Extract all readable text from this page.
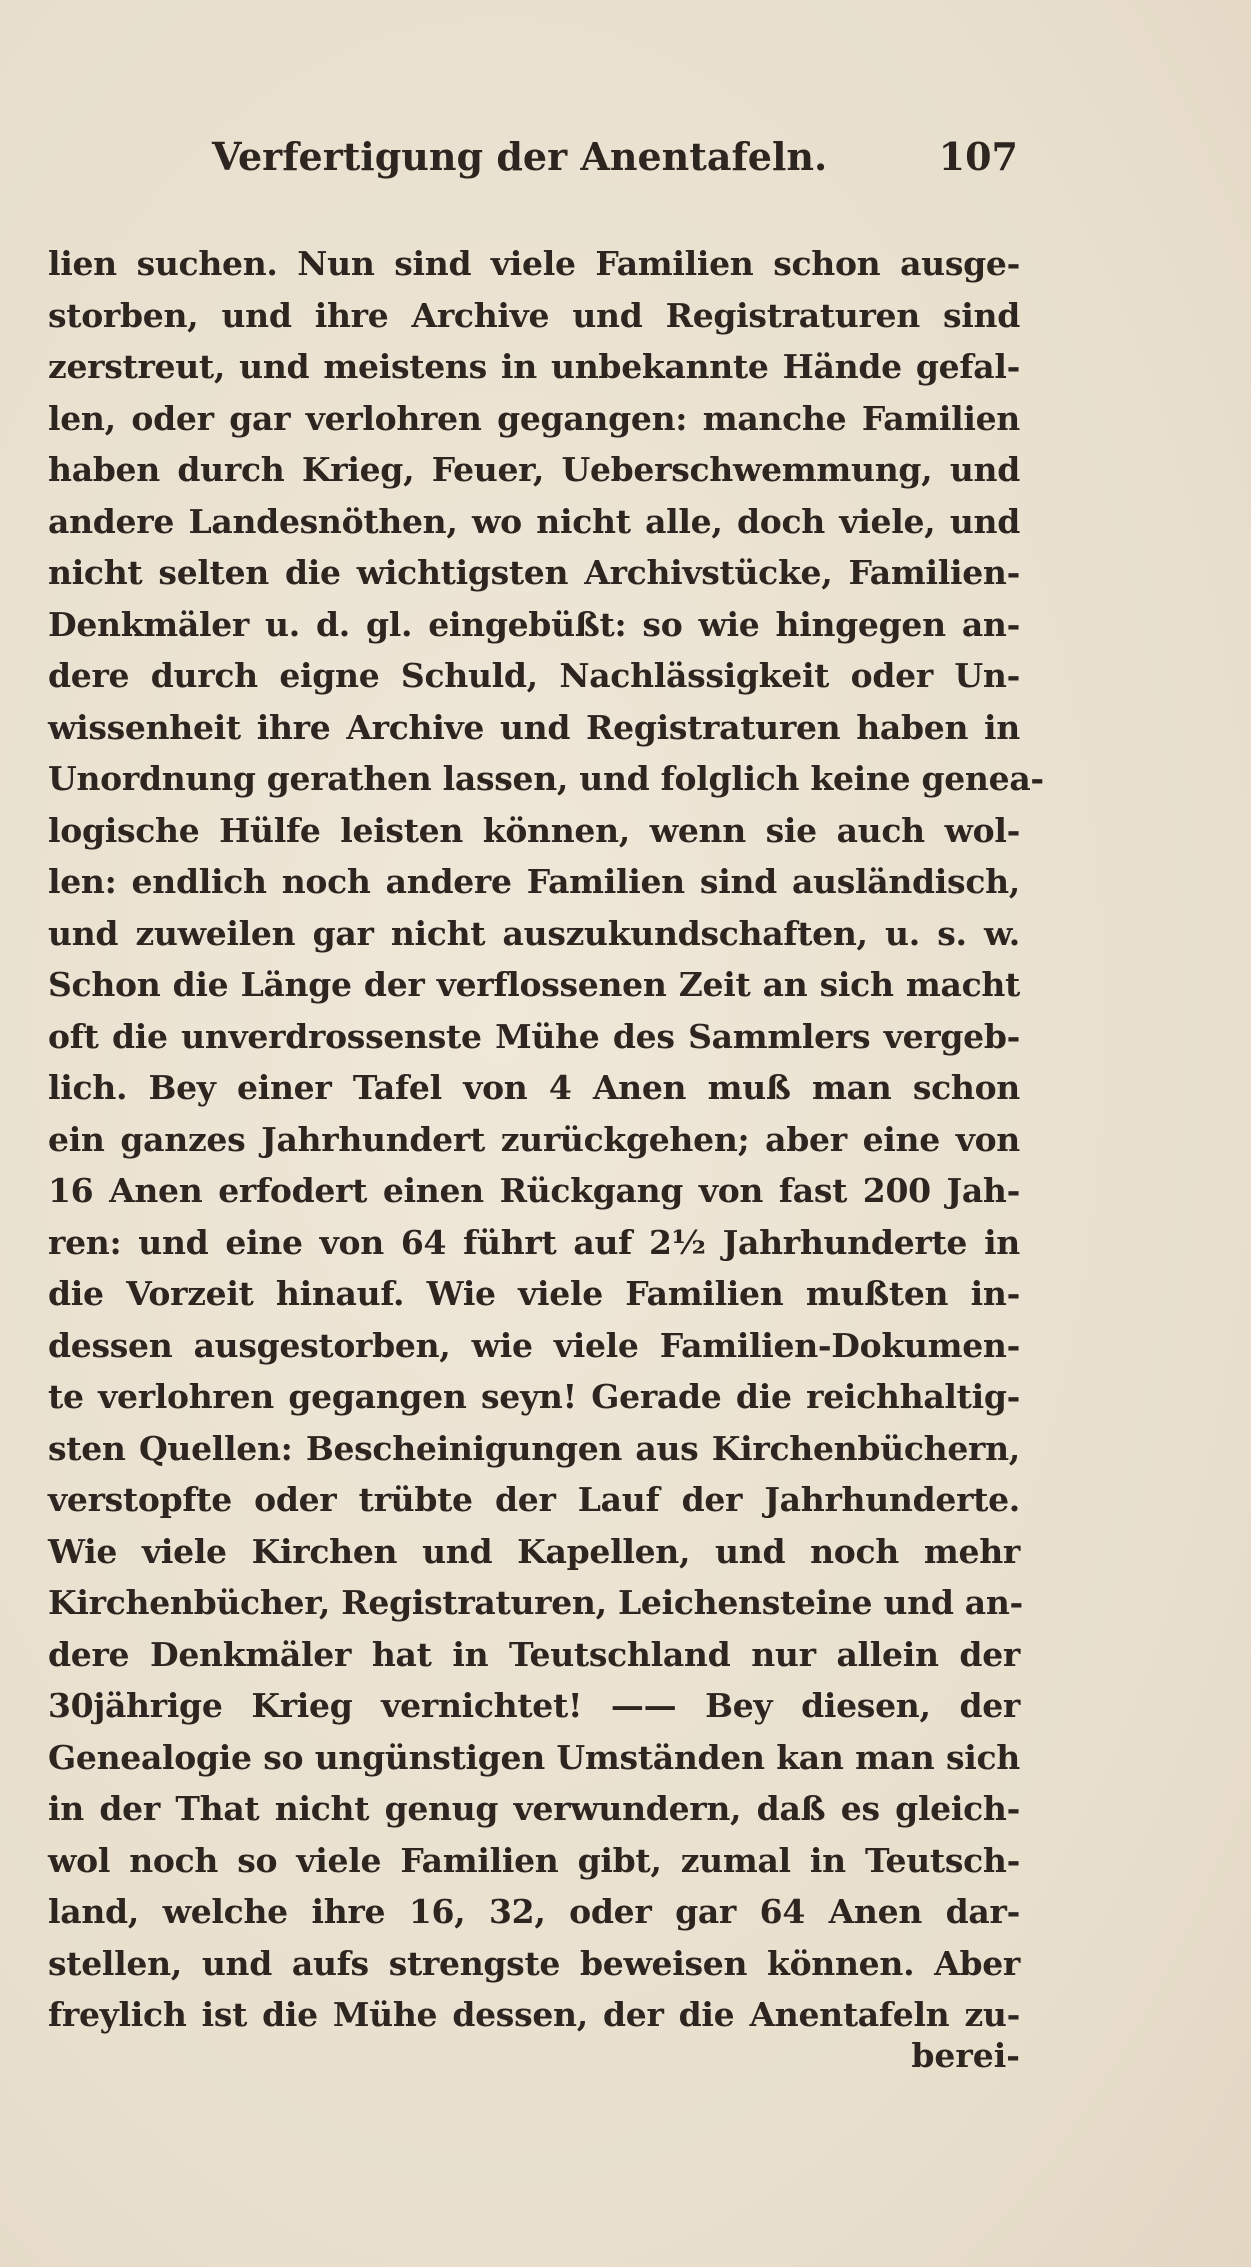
Verfertigung der Anentafeln.	107
lien suchen. Nun sind viele Familien schon ausge-
storben, und ihre Archive und Registraturen sind
zerstreut, und meistens in unbekannte Hände gefal-
len, oder gar verlohren gegangen: manche Familien
haben durch Krieg, Feuer, Ueberschwemmung, und
andere Landesnöthen, wo nicht alle, doch viele, und
nicht selten die wichtigsten Archivstücke, Familien-
Denkmäler u. d. gl. eingebüßt: so wie hingegen an-
dere durch eigne Schuld, Nachlässigkeit oder Un-
wissenheit ihre Archive und Registraturen haben in
Unordnung gerathen lassen, und folglich keine genea-
logische Hülfe leisten können, wenn sie auch wol-
len: endlich noch andere Familien sind ausländisch,
und zuweilen gar nicht auszukundschaften, u. s. w.
Schon die Länge der verflossenen Zeit an sich macht
oft die unverdrossenste Mühe des Sammlers vergeb-
lich. Bey einer Tafel von 4 Anen muß man schon
ein ganzes Jahrhundert zurückgehen; aber eine von
16 Anen erfodert einen Rückgang von fast 200 Jah-
ren: und eine von 64 führt auf 2½ Jahrhunderte in
die Vorzeit hinauf. Wie viele Familien mußten in-
dessen ausgestorben, wie viele Familien-Dokumen-
te verlohren gegangen seyn! Gerade die reichhaltig-
sten Quellen: Bescheinigungen aus Kirchenbüchern,
verstopfte oder trübte der Lauf der Jahrhunderte.
Wie viele Kirchen und Kapellen, und noch mehr
Kirchenbücher, Registraturen, Leichensteine und an-
dere Denkmäler hat in Teutschland nur allein der
30jährige Krieg vernichtet! —— Bey diesen, der
Genealogie so ungünstigen Umständen kan man sich
in der That nicht genug verwundern, daß es gleich-
wol noch so viele Familien gibt, zumal in Teutsch-
land, welche ihre 16, 32, oder gar 64 Anen dar-
stellen, und aufs strengste beweisen können. Aber
freylich ist die Mühe dessen, der die Anentafeln zu-
berei-
